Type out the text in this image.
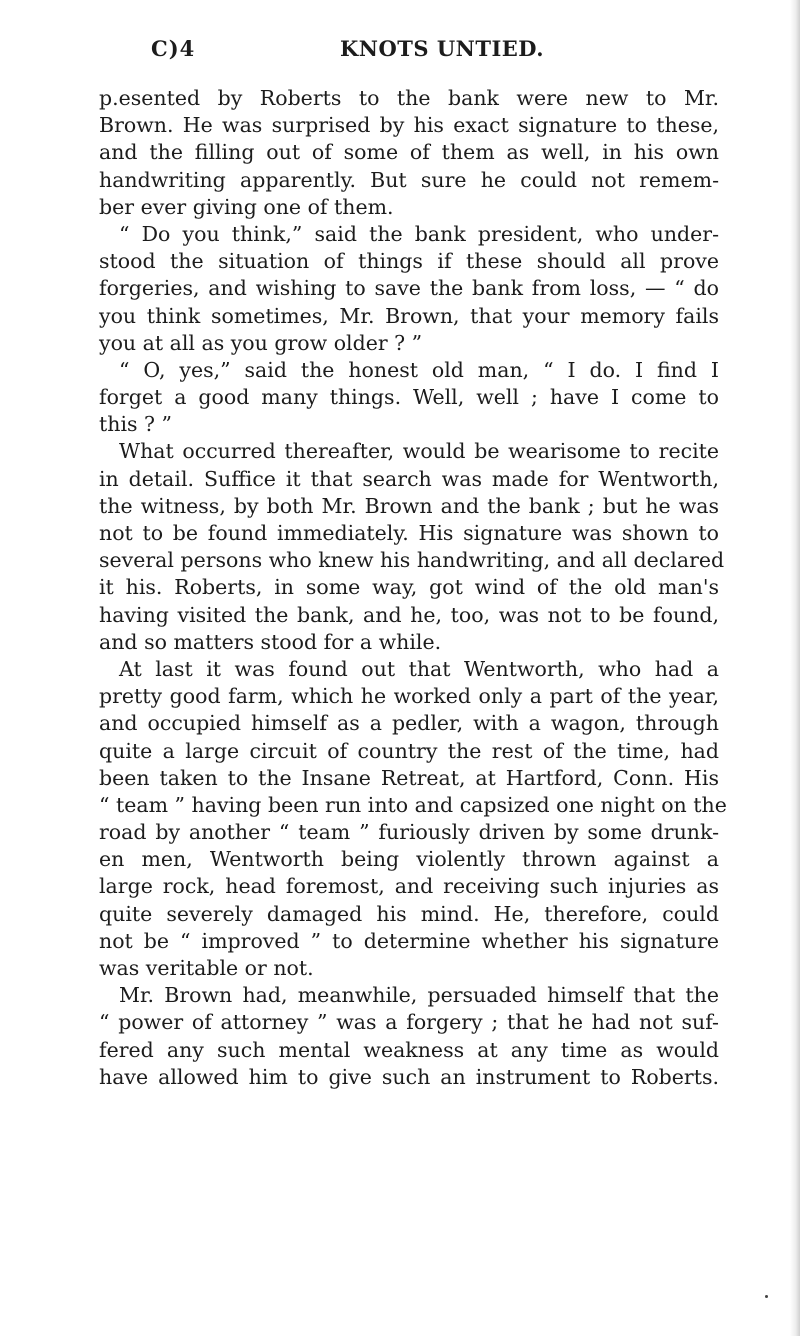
C)4	KNOTS UNTIED.
p.esented by Roberts to the bank were new to Mr.
Brown. He was surprised by his exact signature to these,
and the filling out of some of them as well, in his own
handwriting apparently. But sure he could not remem-
ber ever giving one of them.
“ Do you think,” said the bank president, who under-
stood the situation of things if these should all prove
forgeries, and wishing to save the bank from loss, — “ do
you think sometimes, Mr. Brown, that your memory fails
you at all as you grow older ? ”
“ O, yes,” said the honest old man, “ I do. I find I
forget a good many things. Well, well ; have I come to
this ? ”
What occurred thereafter, would be wearisome to recite
in detail. Suffice it that search was made for Wentworth,
the witness, by both Mr. Brown and the bank ; but he was
not to be found immediately. His signature was shown to
several persons who knew his handwriting, and all declared
it his. Roberts, in some way, got wind of the old man's
having visited the bank, and he, too, was not to be found,
and so matters stood for a while.
At last it was found out that Wentworth, who had a
pretty good farm, which he worked only a part of the year,
and occupied himself as a pedler, with a wagon, through
quite a large circuit of country the rest of the time, had
been taken to the Insane Retreat, at Hartford, Conn. His
“ team ” having been run into and capsized one night on the
road by another “ team ” furiously driven by some drunk-
en men, Wentworth being violently thrown against a
large rock, head foremost, and receiving such injuries as
quite severely damaged his mind. He, therefore, could
not be “ improved ” to determine whether his signature
was veritable or not.
Mr. Brown had, meanwhile, persuaded himself that the
“ power of attorney ” was a forgery ; that he had not suf-
fered any such mental weakness at any time as would
have allowed him to give such an instrument to Roberts.
